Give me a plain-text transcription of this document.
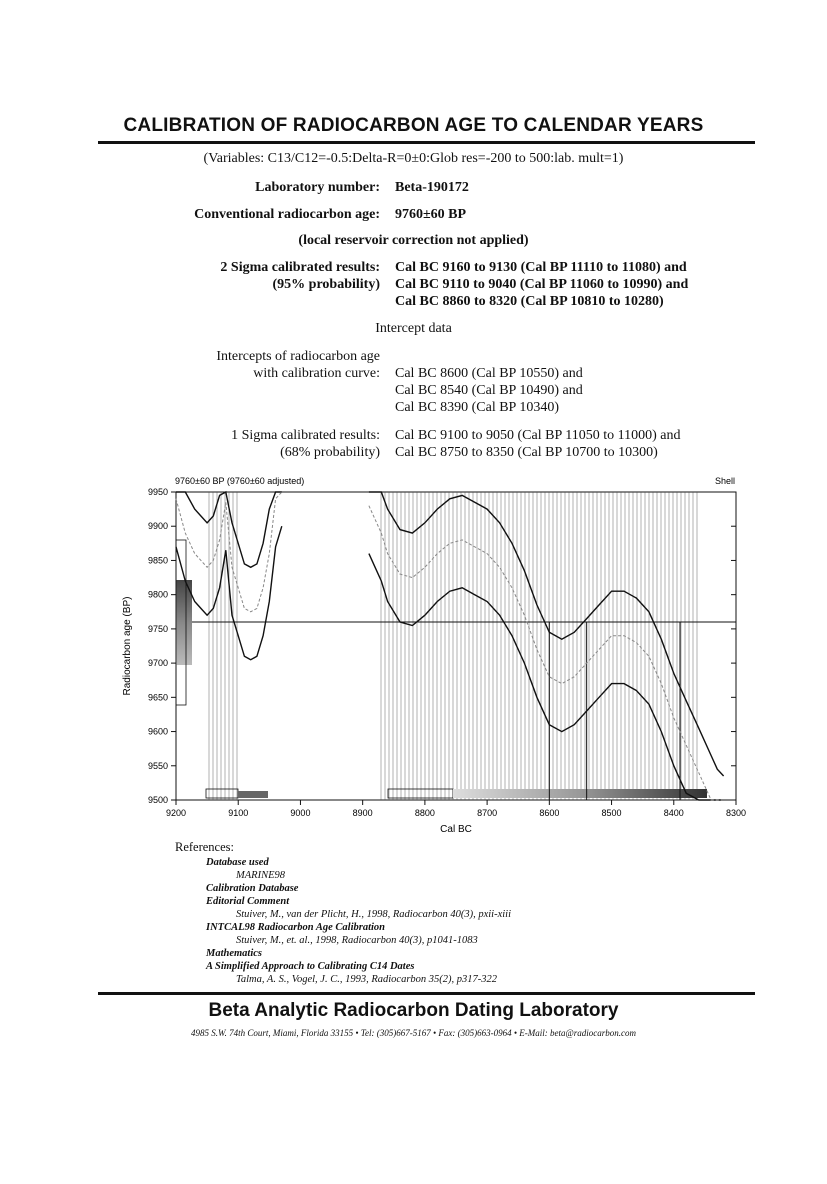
CALIBRATION OF RADIOCARBON AGE TO CALENDAR YEARS
(Variables: C13/C12=-0.5:Delta-R=0±0:Glob res=-200 to 500:lab. mult=1)
Laboratory number: Beta-190172
Conventional radiocarbon age: 9760±60 BP
(local reservoir correction not applied)
2 Sigma calibrated results:
(95% probability)
Cal BC 9160 to 9130 (Cal BP 11110 to 11080) and
Cal BC 9110 to 9040 (Cal BP 11060 to 10990) and
Cal BC 8860 to 8320 (Cal BP 10810 to 10280)
Intercept data
Intercepts of radiocarbon age
with calibration curve: Cal BC 8600 (Cal BP 10550) and
Cal BC 8540 (Cal BP 10490) and
Cal BC 8390 (Cal BP 10340)
1 Sigma calibrated results:
(68% probability)
Cal BC 9100 to 9050 (Cal BP 11050 to 11000) and
Cal BC 8750 to 8350 (Cal BP 10700 to 10300)
9760±60 BP (9760±60 adjusted)	Shell
9200	9100	9000	8900	8800	8700	8600	8500	8400	8300
9950
9900
9850
9800
9750
9700
9650
9600
9550
9500
Cal BC
Radiocarbon age (BP)
References:
Database used
MARINE98
Calibration Database
Editorial Comment
Stuiver, M., van der Plicht, H., 1998, Radiocarbon 40(3), pxii-xiii
INTCAL98 Radiocarbon Age Calibration
Stuiver, M., et. al., 1998, Radiocarbon 40(3), p1041-1083
Mathematics
A Simplified Approach to Calibrating C14 Dates
Talma, A. S., Vogel, J. C., 1993, Radiocarbon 35(2), p317-322
Beta Analytic Radiocarbon Dating Laboratory
4985 S.W. 74th Court, Miami, Florida 33155 • Tel: (305)667-5167 • Fax: (305)663-0964 • E-Mail: beta@radiocarbon.com
